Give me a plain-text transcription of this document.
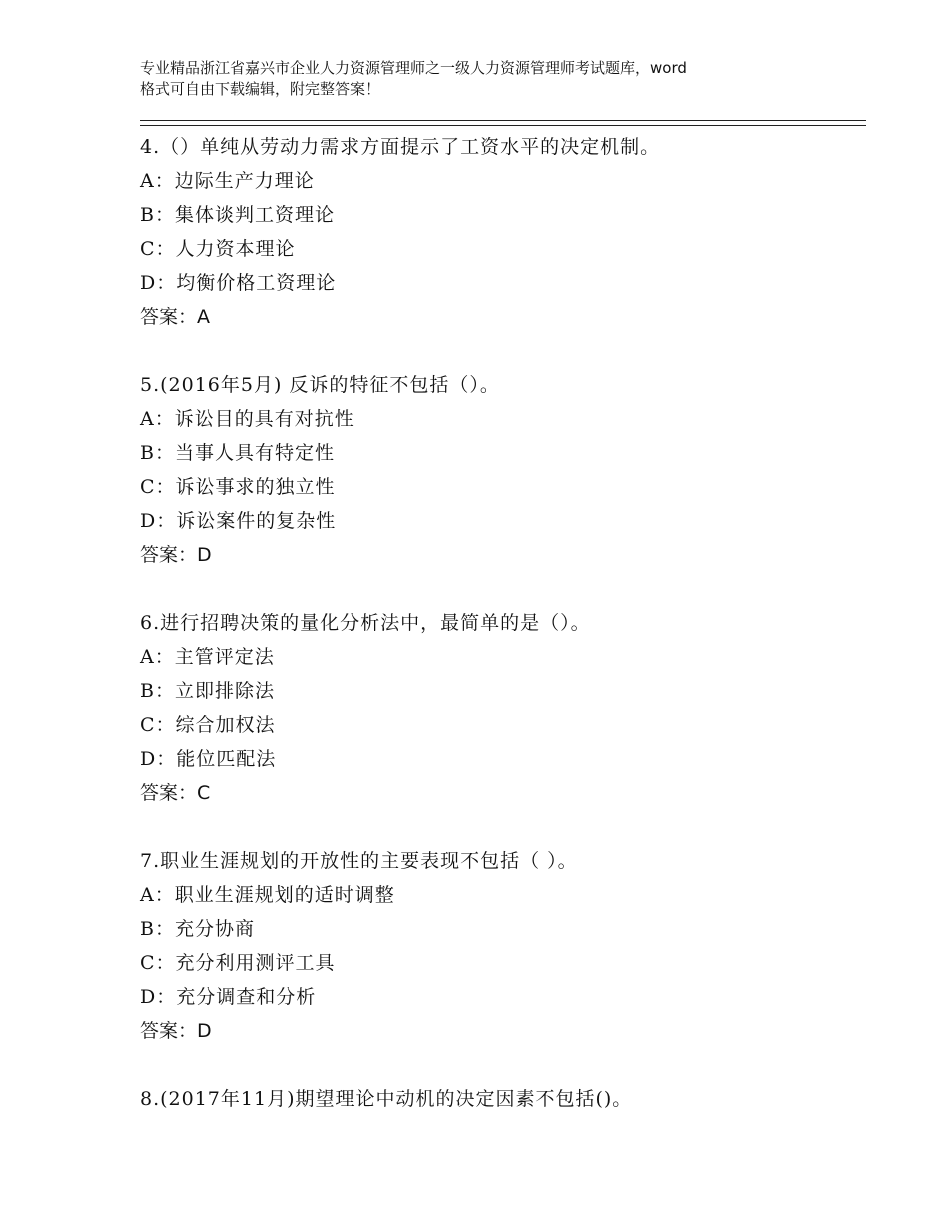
专业精品浙江省嘉兴市企业人力资源管理师之一级人力资源管理师考试题库，word
格式可自由下载编辑，附完整答案！
4.（）单纯从劳动力需求方面提示了工资水平的决定机制。
A：边际生产力理论
B：集体谈判工资理论
C：人力资本理论
D：均衡价格工资理论
答案：A
5.(2016年5月) 反诉的特征不包括（）。
A：诉讼目的具有对抗性
B：当事人具有特定性
C：诉讼事求的独立性
D：诉讼案件的复杂性
答案：D
6.进行招聘决策的量化分析法中，最简单的是（）。
A：主管评定法
B：立即排除法
C：综合加权法
D：能位匹配法
答案：C
7.职业生涯规划的开放性的主要表现不包括（ ）。
A：职业生涯规划的适时调整
B：充分协商
C：充分利用测评工具
D：充分调查和分析
答案：D
8.(2017年11月)期望理论中动机的决定因素不包括()。
